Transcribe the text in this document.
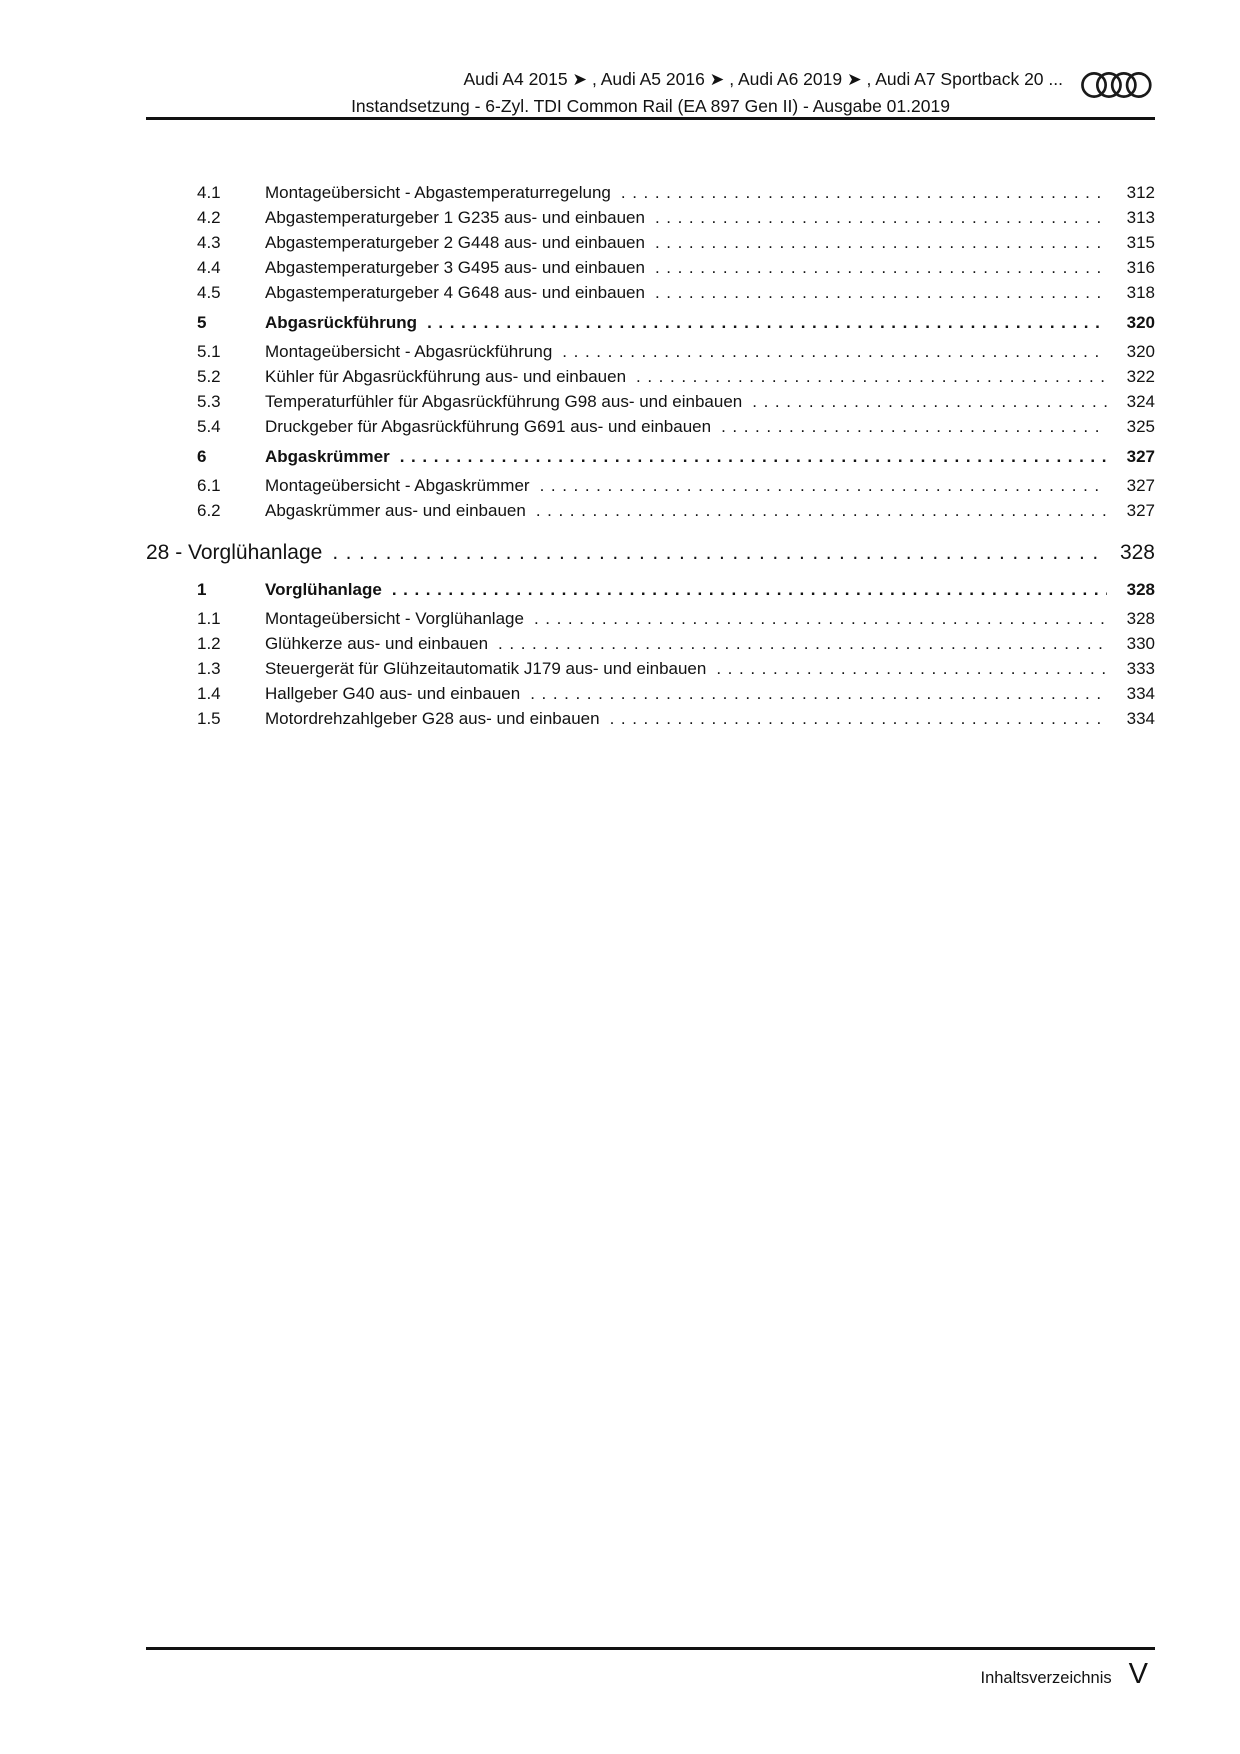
Audi A4 2015 ➤ , Audi A5 2016 ➤ , Audi A6 2019 ➤ , Audi A7 Sportback 20 ...
Instandsetzung - 6-Zyl. TDI Common Rail (EA 897 Gen II) - Ausgabe 01.2019
4.1	Montageübersicht - Abgastemperaturregelung .....	312
4.2	Abgastemperaturgeber 1 G235 aus- und einbauen .....	313
4.3	Abgastemperaturgeber 2 G448 aus- und einbauen .....	315
4.4	Abgastemperaturgeber 3 G495 aus- und einbauen .....	316
4.5	Abgastemperaturgeber 4 G648 aus- und einbauen .....	318
5	Abgasrückführung .....	320
5.1	Montageübersicht - Abgasrückführung .....	320
5.2	Kühler für Abgasrückführung aus- und einbauen .....	322
5.3	Temperaturfühler für Abgasrückführung G98 aus- und einbauen .....	324
5.4	Druckgeber für Abgasrückführung G691 aus- und einbauen .....	325
6	Abgaskrümmer .....	327
6.1	Montageübersicht - Abgaskrümmer .....	327
6.2	Abgaskrümmer aus- und einbauen .....	327
28 - Vorglühanlage .....	328
1	Vorglühanlage .....	328
1.1	Montageübersicht - Vorglühanlage .....	328
1.2	Glühkerze aus- und einbauen .....	330
1.3	Steuergerät für Glühzeitautomatik J179 aus- und einbauen .....	333
1.4	Hallgeber G40 aus- und einbauen .....	334
1.5	Motordrehzahlgeber G28 aus- und einbauen .....	334
Inhaltsverzeichnis V
